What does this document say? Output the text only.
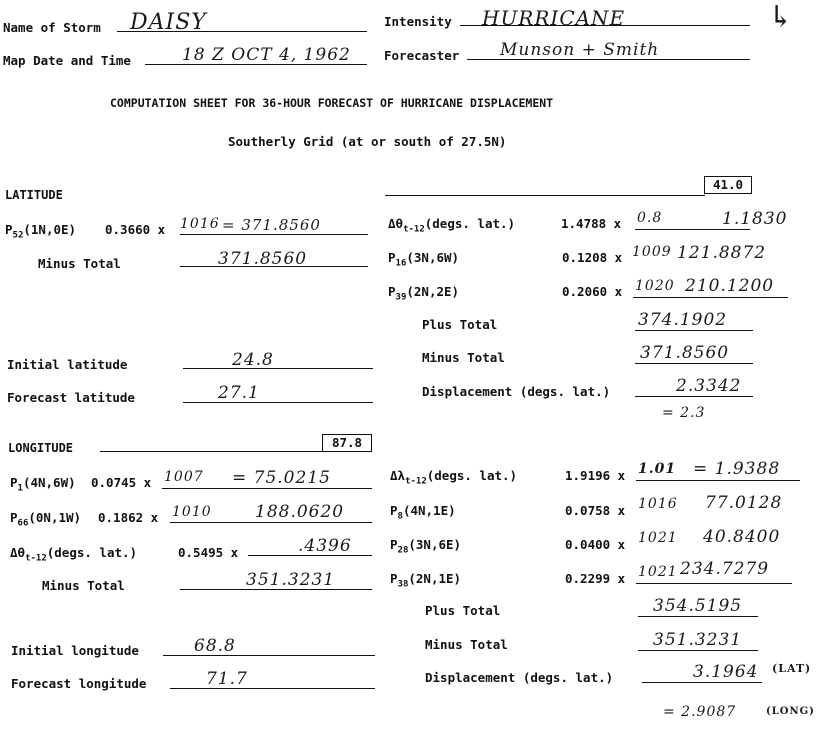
Name of Storm DAISY	Intensity HURRICANE	↳
Map Date and Time	18 Z OCT 4, 1962	Forecaster Munson + Smith
COMPUTATION SHEET FOR 36-HOUR FORECAST OF HURRICANE DISPLACEMENT
Southerly Grid (at or south of 27.5N)
LATITUDE
41.0
$P_{52}(1N,0E)$ 0.3660 x 1016 = 371.8560
Minus Total	371.8560
Initial latitude	24.8
Forecast latitude	27.1
$\Delta\theta_{t-12}(degs$. lat.)	1.4788 x 0.8	1.1830
$P_{16}(3N,6W)$	0.1208 x 1009 121.8872
$P_{39}(2N,2E)$	0.2060 x 1020 210.1200
Plus Total	374.1902
Minus Total	371.8560
Displacement (degs. lat.)	2.3342
= 2.3
LONGITUDE	87.8
$P_1(4N,6W)$ 0.0745 x 1007 = 75.0215
$P_{66}(0N,1W)$ 0.1862 x 1010	188.0620
$\Delta\theta_{t-12}(degs$. lat.)	0.5495 x	.4396
Minus Total	351.3231
Initial longitude	68.8
Forecast longitude	71.7
$\Delta\lambda_{t-12}(degs$. lat.)	1.9196 x 1.01 = 1.9388
$P_8(4N,1E)$	0.0758 x 1016 77.0128
$P_{28}(3N,6E)$	0.0400 x 1021 40.8400
$P_{38}(2N,1E)$	0.2299 x 1021 234.7279
Plus Total	354.5195
Minus Total	351.3231
Displacement (degs. lat.)	3.1964 (LAT)
= 2.9087	(LONG)
